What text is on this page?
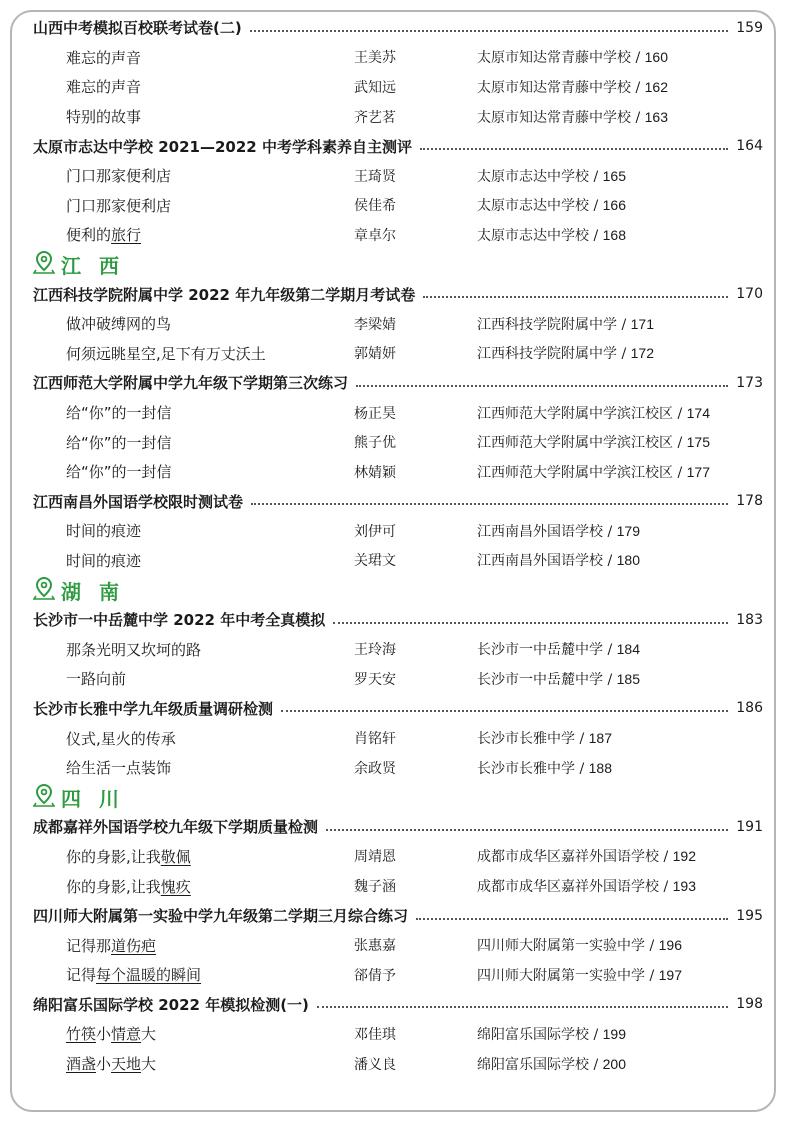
山西中考模拟百校联考试卷(二)	159
难忘的声音	王美苏	太原市知达常青藤中学校 / 160
难忘的声音	武知远	太原市知达常青藤中学校 / 162
特别的故事	齐艺茗	太原市知达常青藤中学校 / 163
太原市志达中学校 2021—2022 中考学科素养自主测评	164
门口那家便利店	王琦贤	太原市志达中学校 / 165
门口那家便利店	侯佳希	太原市志达中学校 / 166
便利的旅行	章卓尔	太原市志达中学校 / 168
江西
江西科技学院附属中学 2022 年九年级第二学期月考试卷	170
做冲破缚网的鸟	李梁婧	江西科技学院附属中学 / 171
何须远眺星空,足下有万丈沃土	郭婧妍	江西科技学院附属中学 / 172
江西师范大学附属中学九年级下学期第三次练习	173
给“你”的一封信	杨正昊	江西师范大学附属中学滨江校区 / 174
给“你”的一封信	熊子优	江西师范大学附属中学滨江校区 / 175
给“你”的一封信	林婧颖	江西师范大学附属中学滨江校区 / 177
江西南昌外国语学校限时测试卷	178
时间的痕迹	刘伊可	江西南昌外国语学校 / 179
时间的痕迹	关珺文	江西南昌外国语学校 / 180
湖南
长沙市一中岳麓中学 2022 年中考全真模拟	183
那条光明又坎坷的路	王玲海	长沙市一中岳麓中学 / 184
一路向前	罗天安	长沙市一中岳麓中学 / 185
长沙市长雅中学九年级质量调研检测	186
仪式,星火的传承	肖铭轩	长沙市长雅中学 / 187
给生活一点装饰	余政贤	长沙市长雅中学 / 188
四川
成都嘉祥外国语学校九年级下学期质量检测	191
你的身影,让我敬佩	周靖恩	成都市成华区嘉祥外国语学校 / 192
你的身影,让我愧疚	魏子涵	成都市成华区嘉祥外国语学校 / 193
四川师大附属第一实验中学九年级第二学期三月综合练习	195
记得那道伤疤	张惠嘉	四川师大附属第一实验中学 / 196
记得每个温暖的瞬间	郤倩予	四川师大附属第一实验中学 / 197
绵阳富乐国际学校 2022 年模拟检测(一)	198
竹筷小情意大	邓佳琪	绵阳富乐国际学校 / 199
酒盏小天地大	潘义良	绵阳富乐国际学校 / 200
